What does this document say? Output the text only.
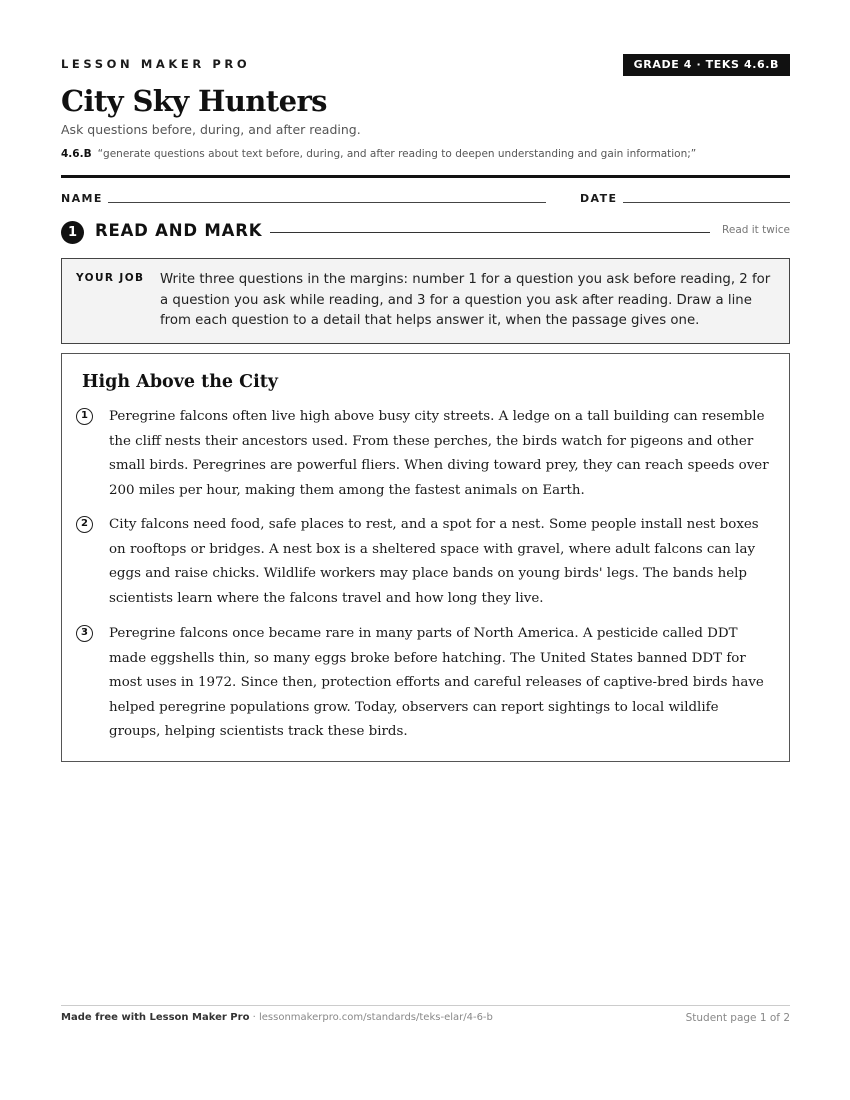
LESSON MAKER PRO	GRADE 4 · TEKS 4.6.B
City Sky Hunters
Ask questions before, during, and after reading.
4.6.B “generate questions about text before, during, and after reading to deepen understanding and gain information;”
NAME	DATE
1	READ AND MARK	Read it twice
YOUR JOB Write three questions in the margins: number 1 for a question you ask before reading, 2 for a question you ask while reading, and 3 for a question you ask after reading. Draw a line from each question to a detail that helps answer it, when the passage gives one.
High Above the City
1	Peregrine falcons often live high above busy city streets. A ledge on a tall building can resemble the cliff nests their ancestors used. From these perches, the birds watch for pigeons and other small birds. Peregrines are powerful fliers. When diving toward prey, they can reach speeds over 200 miles per hour, making them among the fastest animals on Earth.
2	City falcons need food, safe places to rest, and a spot for a nest. Some people install nest boxes on rooftops or bridges. A nest box is a sheltered space with gravel, where adult falcons can lay eggs and raise chicks. Wildlife workers may place bands on young birds' legs. The bands help scientists learn where the falcons travel and how long they live.
3	Peregrine falcons once became rare in many parts of North America. A pesticide called DDT made eggshells thin, so many eggs broke before hatching. The United States banned DDT for most uses in 1972. Since then, protection efforts and careful releases of captive-bred birds have helped peregrine populations grow. Today, observers can report sightings to local wildlife groups, helping scientists track these birds.
Made free with Lesson Maker Pro · lessonmakerpro.com/standards/teks-elar/4-6-b	Student page 1 of 2
